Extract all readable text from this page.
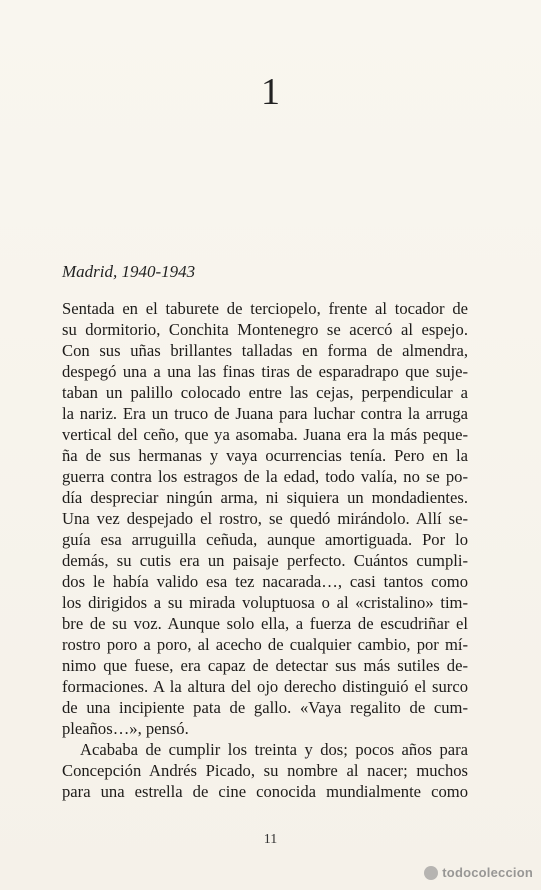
1
Madrid, 1940-1943
Sentada en el taburete de terciopelo, frente al tocador de
su dormitorio, Conchita Montenegro se acercó al espejo.
Con sus uñas brillantes talladas en forma de almendra,
despegó una a una las finas tiras de esparadrapo que suje-
taban un palillo colocado entre las cejas, perpendicular a
la nariz. Era un truco de Juana para luchar contra la arruga
vertical del ceño, que ya asomaba. Juana era la más peque-
ña de sus hermanas y vaya ocurrencias tenía. Pero en la
guerra contra los estragos de la edad, todo valía, no se po-
día despreciar ningún arma, ni siquiera un mondadientes.
Una vez despejado el rostro, se quedó mirándolo. Allí se-
guía esa arruguilla ceñuda, aunque amortiguada. Por lo
demás, su cutis era un paisaje perfecto. Cuántos cumpli-
dos le había valido esa tez nacarada…, casi tantos como
los dirigidos a su mirada voluptuosa o al «cristalino» tim-
bre de su voz. Aunque solo ella, a fuerza de escudriñar el
rostro poro a poro, al acecho de cualquier cambio, por mí-
nimo que fuese, era capaz de detectar sus más sutiles de-
formaciones. A la altura del ojo derecho distinguió el surco
de una incipiente pata de gallo. «Vaya regalito de cum-
pleaños…», pensó.
Acababa de cumplir los treinta y dos; pocos años para
Concepción Andrés Picado, su nombre al nacer; muchos
para una estrella de cine conocida mundialmente como
11
todocoleccion
